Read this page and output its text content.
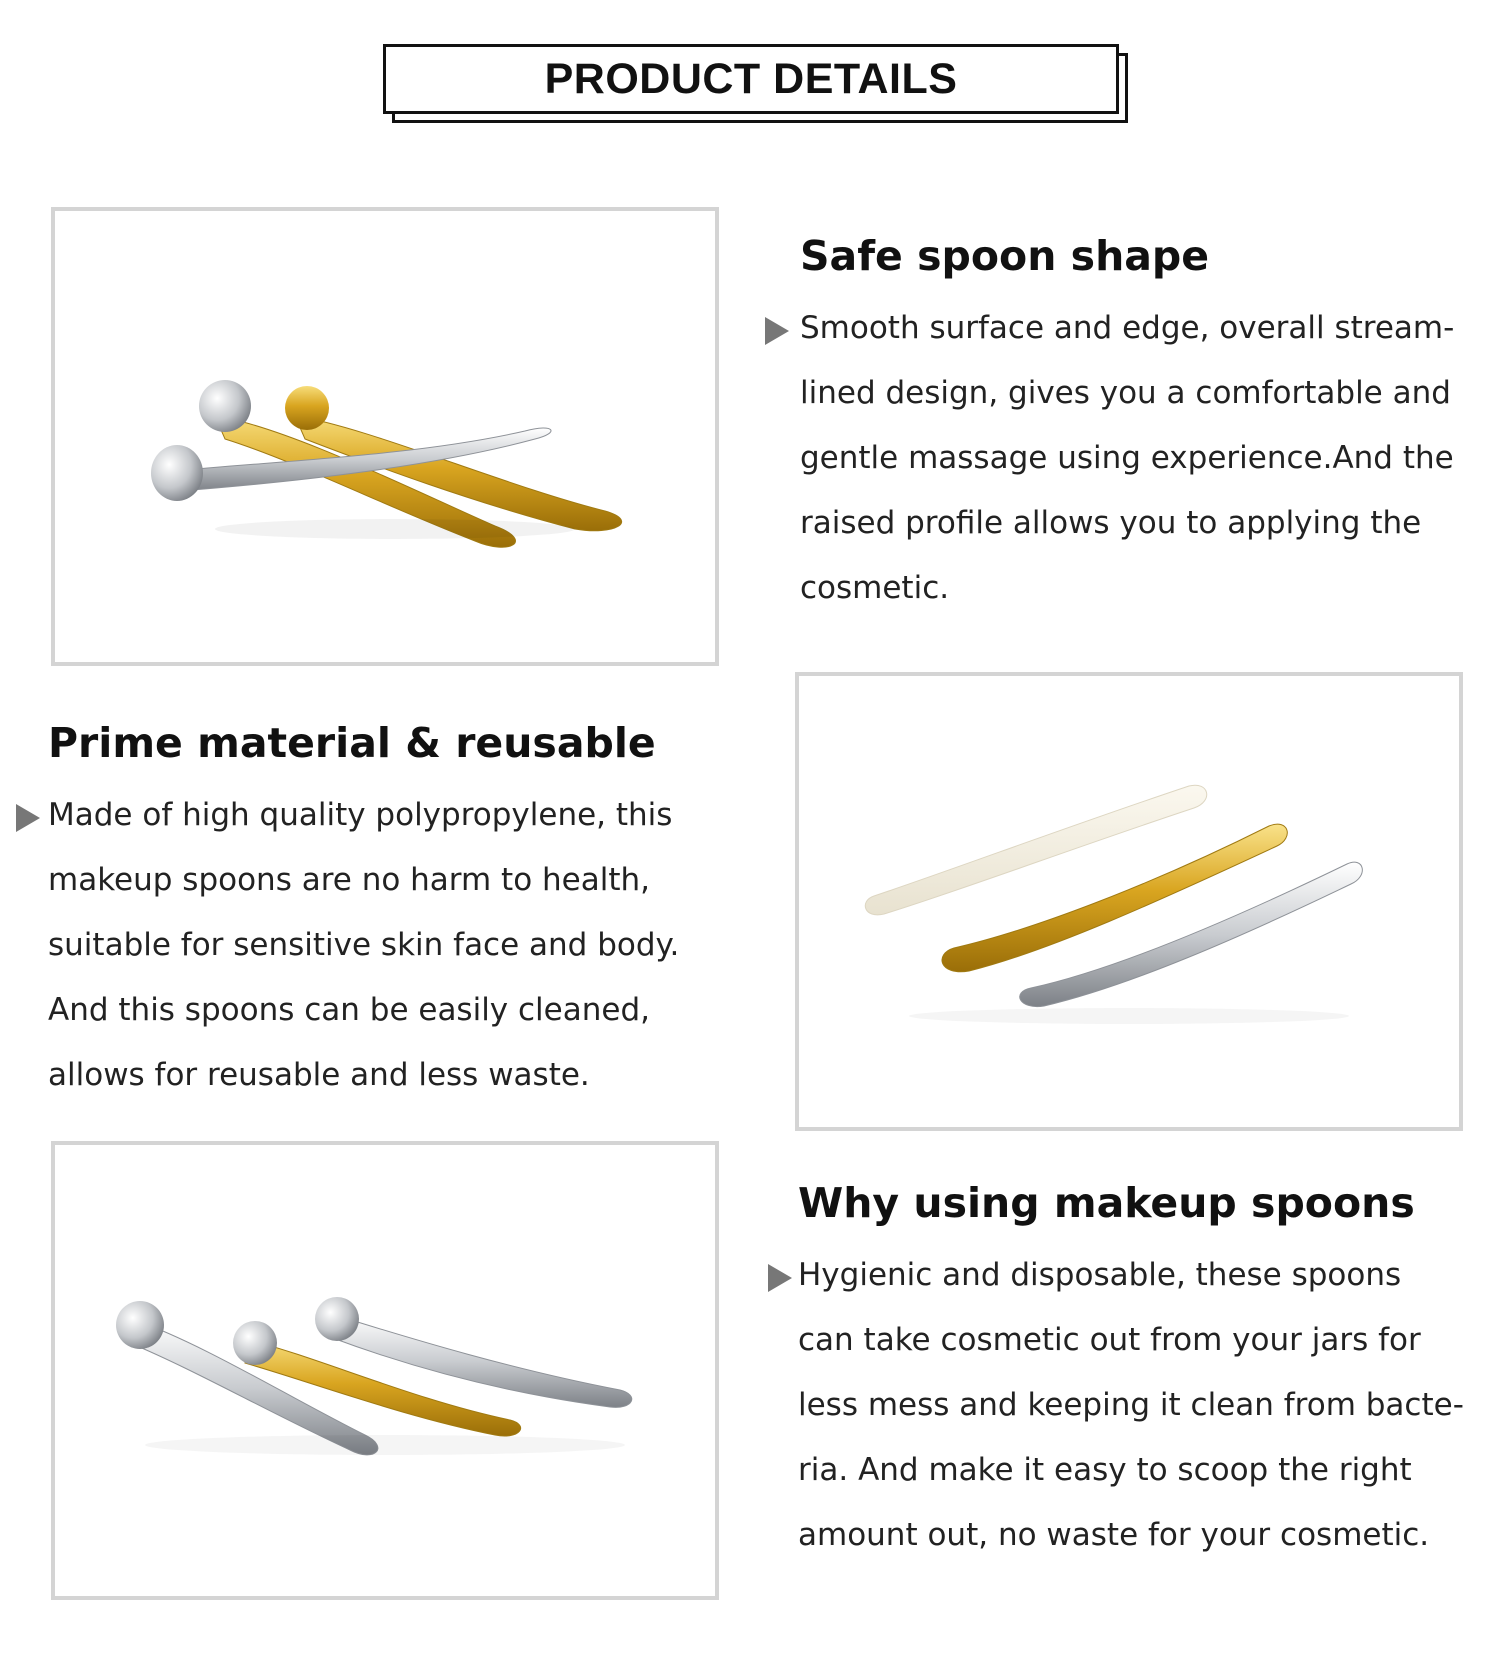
PRODUCT DETAILS
Safe spoon shape

Smooth surface and edge, overall stream-
lined design, gives you a comfortable and
gentle massage using experience.And the
raised profile allows you to applying the
cosmetic.

Prime material & reusable

Made of high quality polypropylene, this
makeup spoons are no harm to health,
suitable for sensitive skin face and body.
And this spoons can be easily cleaned,
allows for reusable and less waste.

Why using makeup spoons

Hygienic and disposable, these spoons
can take cosmetic out from your jars for
less mess and keeping it clean from bacte-
ria. And make it easy to scoop the right
amount out, no waste for your cosmetic.
